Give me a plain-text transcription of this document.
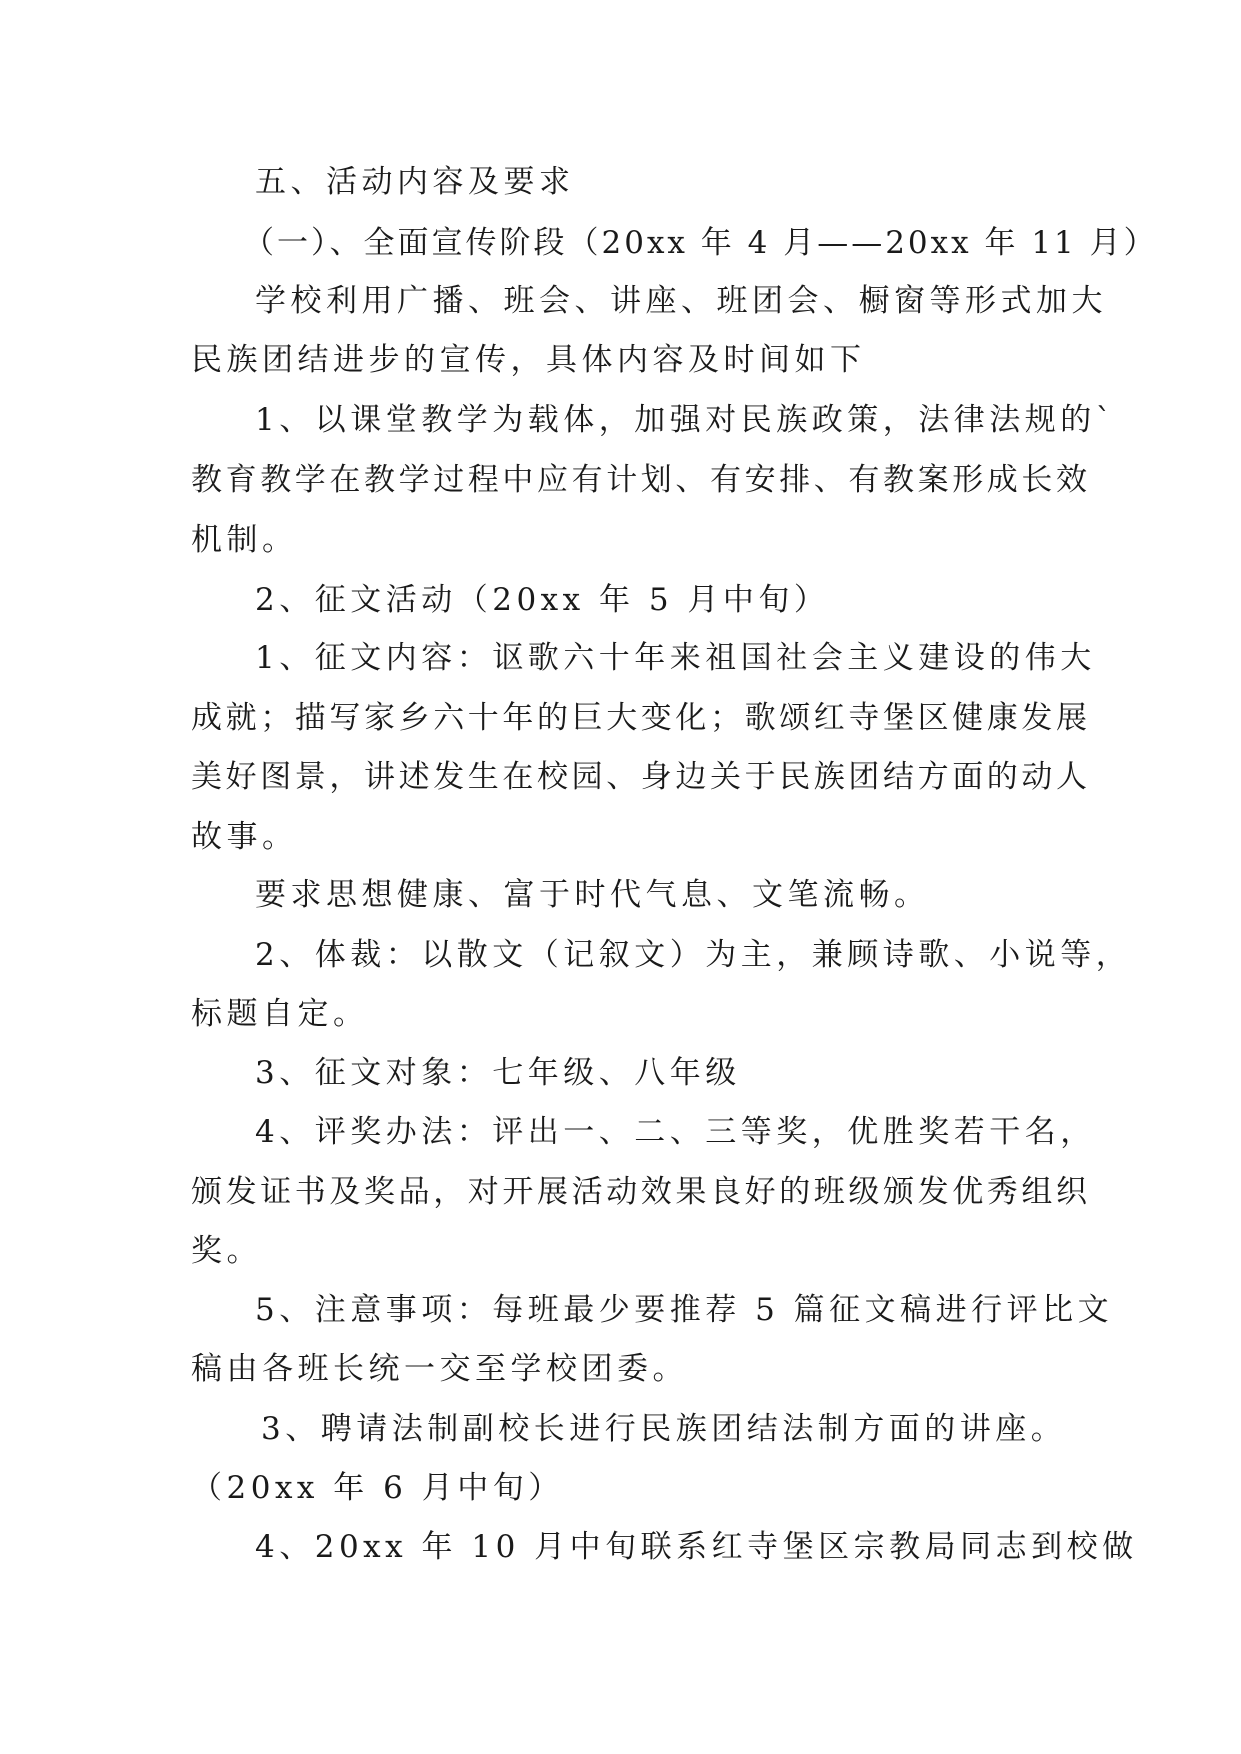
五、活动内容及要求
（一）、全面宣传阶段（20xx 年 4 月——20xx 年 11 月）
学校利用广播、班会、讲座、班团会、橱窗等形式加大
民族团结进步的宣传，具体内容及时间如下
1、以课堂教学为载体，加强对民族政策，法律法规的`
教育教学在教学过程中应有计划、有安排、有教案形成长效
机制。
2、征文活动（20xx 年 5 月中旬）
1、征文内容：讴歌六十年来祖国社会主义建设的伟大
成就；描写家乡六十年的巨大变化；歌颂红寺堡区健康发展
美好图景，讲述发生在校园、身边关于民族团结方面的动人
故事。
要求思想健康、富于时代气息、文笔流畅。
2、体裁：以散文（记叙文）为主，兼顾诗歌、小说等，
标题自定。
3、征文对象：七年级、八年级
4、评奖办法：评出一、二、三等奖，优胜奖若干名，
颁发证书及奖品，对开展活动效果良好的班级颁发优秀组织
奖。
5、注意事项：每班最少要推荐 5 篇征文稿进行评比文
稿由各班长统一交至学校团委。
3、聘请法制副校长进行民族团结法制方面的讲座。
（20xx 年 6 月中旬）
4、20xx 年 10 月中旬联系红寺堡区宗教局同志到校做
